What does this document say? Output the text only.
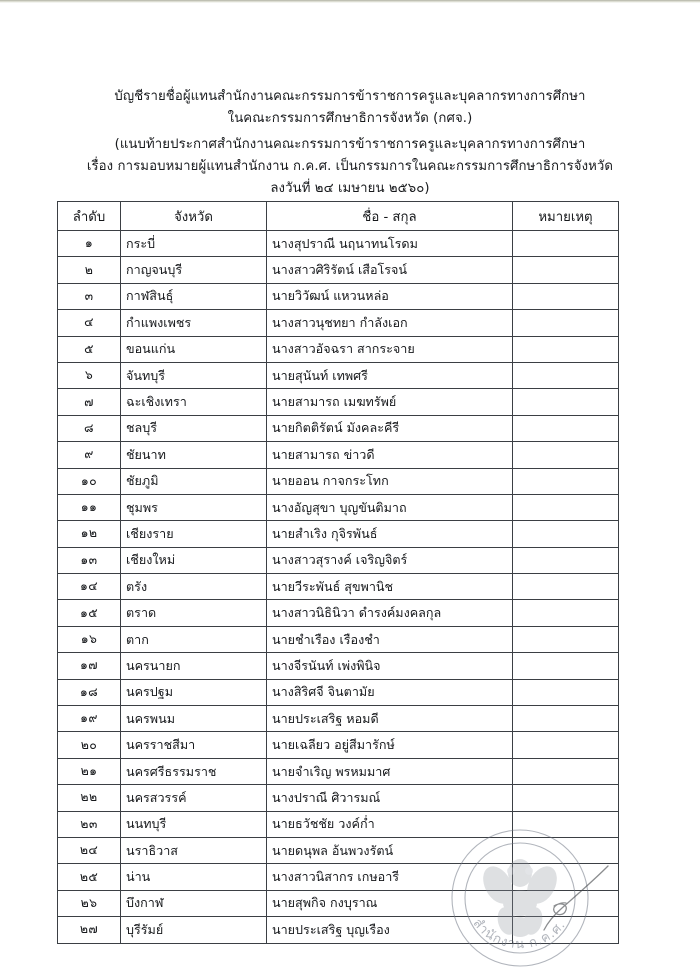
บัญชีรายชื่อผู้แทนสำนักงานคณะกรรมการข้าราชการครูและบุคลากรทางการศึกษา
ในคณะกรรมการศึกษาธิการจังหวัด (กศจ.)
(แนบท้ายประกาศสำนักงานคณะกรรมการข้าราชการครูและบุคลากรทางการศึกษา
เรื่อง การมอบหมายผู้แทนสำนักงาน ก.ค.ศ. เป็นกรรมการในคณะกรรมการศึกษาธิการจังหวัด
ลงวันที่ ๒๔ เมษายน ๒๕๖๐)
ลำดับ	จังหวัด	ชื่อ - สกุล	หมายเหตุ
๑	กระบี่	นางสุปราณี นฤนาทนโรดม	
๒	กาญจนบุรี	นางสาวศิริรัตน์ เสือโรจน์	
๓	กาฬสินธุ์	นายวิวัฒน์ แหวนหล่อ	
๔	กำแพงเพชร	นางสาวนุชทยา กำลังเอก	
๕	ขอนแก่น	นางสาวอัจฉรา สากระจาย	
๖	จันทบุรี	นายสุนันท์ เทพศรี	
๗	ฉะเชิงเทรา	นายสามารถ เมฆทรัพย์	
๘	ชลบุรี	นายกิตติรัตน์ มังคละคีรี	
๙	ชัยนาท	นายสามารถ ข่าวดี	
๑๐	ชัยภูมิ	นายออน กาจกระโทก	
๑๑	ชุมพร	นางอัญสุขา บุญขันติมาถ	
๑๒	เชียงราย	นายสำเริง กุจิรพันธ์	
๑๓	เชียงใหม่	นางสาวสุรางค์ เจริญจิตร์	
๑๔	ตรัง	นายวีระพันธ์ สุขพานิช	
๑๕	ตราด	นางสาวนิธินิวา ดำรงค์มงคลกุล	
๑๖	ตาก	นายชำเรือง เรืองชำ	
๑๗	นครนายก	นางจีรนันท์ เพ่งพินิจ	
๑๘	นครปฐม	นางสิริศจี จินตามัย	
๑๙	นครพนม	นายประเสริฐ หอมดี	
๒๐	นครราชสีมา	นายเฉลียว อยู่สีมารักษ์	
๒๑	นครศรีธรรมราช	นายจำเริญ พรหมมาศ	
๒๒	นครสวรรค์	นางปราณี ศิวารมณ์	
๒๓	นนทบุรี	นายธวัชชัย วงค์ก่ำ	
๒๔	นราธิวาส	นายดนุพล อ้นพวงรัตน์	
๒๕	น่าน	นางสาวนิสากร เกษอารี	
๒๖	บึงกาฬ	นายสุพกิจ กงบุราณ	
๒๗	บุรีรัมย์	นายประเสริฐ บุญเรือง		สำนักงาน ก.ค.ศ.
